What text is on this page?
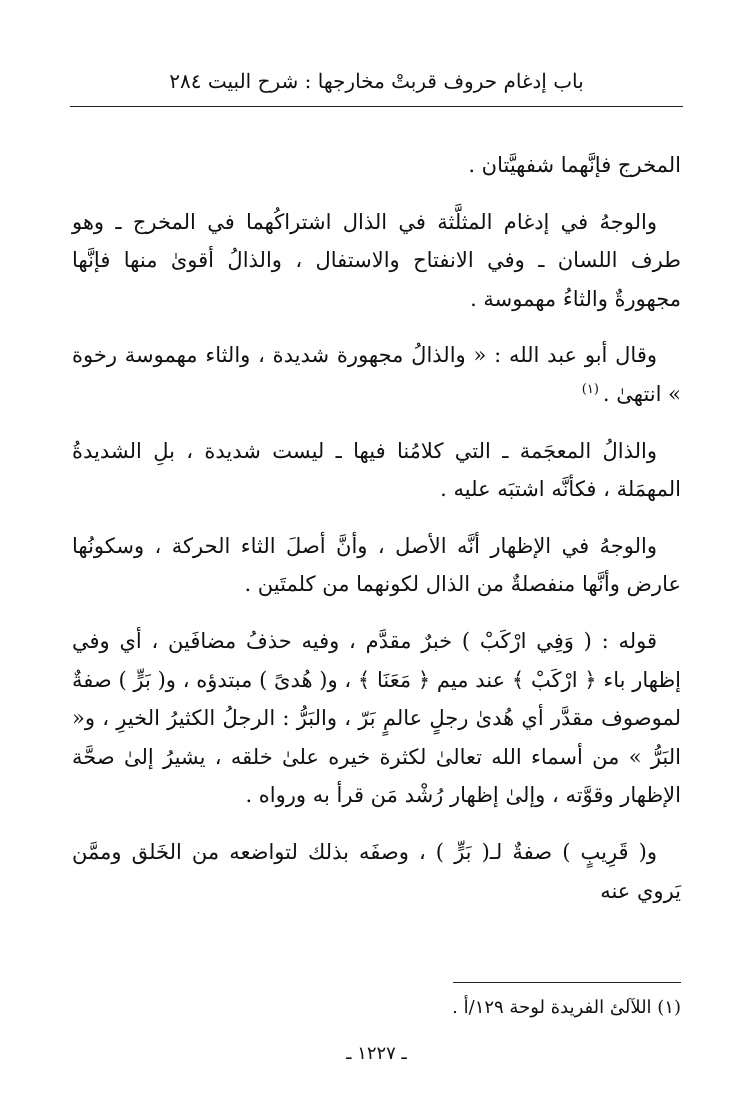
باب إدغام حروف قربتْ مخارجها : شرح البيت ٢٨٤

المخرج فإنَّهما شفهيَّتان .

والوجهُ في إدغام المثلَّثة في الذال اشتراكُهما في المخرج ـ وهو طرف اللسان ـ وفي الانفتاح والاستفال ، والذالُ أقوىٰ منها فإنَّها مجهورةٌ والثاءُ مهموسة .

وقال أبو عبد الله : « والذالُ مجهورة شديدة ، والثاء مهموسة رخوة » انتهىٰ .$^{(١)}$

والذالُ المعجَمة ـ التي كلامُنا فيها ـ ليست شديدة ، بلِ الشديدةُ المهمَلة ، فكأنَّه اشتبَه عليه .

والوجهُ في الإظهار أنَّه الأصل ، وأنَّ أصلَ الثاء الحركة ، وسكونُها عارض وأنَّها منفصلةٌ من الذال لكونهما من كلمتَين .

قوله : ( وَفِي ارْكَبْ ) خبرٌ مقدَّم ، وفيه حذفُ مضافَين ، أي وفي إظهار باء ﴿ ارْكَبْ ﴾ عند ميم ﴿ مَعَنَا ﴾ ، و( هُدىً ) مبتدؤه ، و( بَرٍّ ) صفةٌ لموصوف مقدَّر أي هُدىٰ رجلٍ عالمٍ بَرّ ، والبَرُّ : الرجلُ الكثيرُ الخيرِ ، و« البَرُّ » من أسماء الله تعالىٰ لكثرة خيره علىٰ خلقه ، يشيرُ إلىٰ صحَّة الإظهار وقوَّته ، وإلىٰ إظهار رُشْد مَن قرأ به ورواه .

و( قَرِيبٍ ) صفةٌ لـ( بَرٍّ ) ، وصفَه بذلك لتواضعه من الخَلق وممَّن يَروي عنه

(١) اللآلئ الفريدة لوحة ١٢٩/أ .
ـ ١٢٢٧ ـ
